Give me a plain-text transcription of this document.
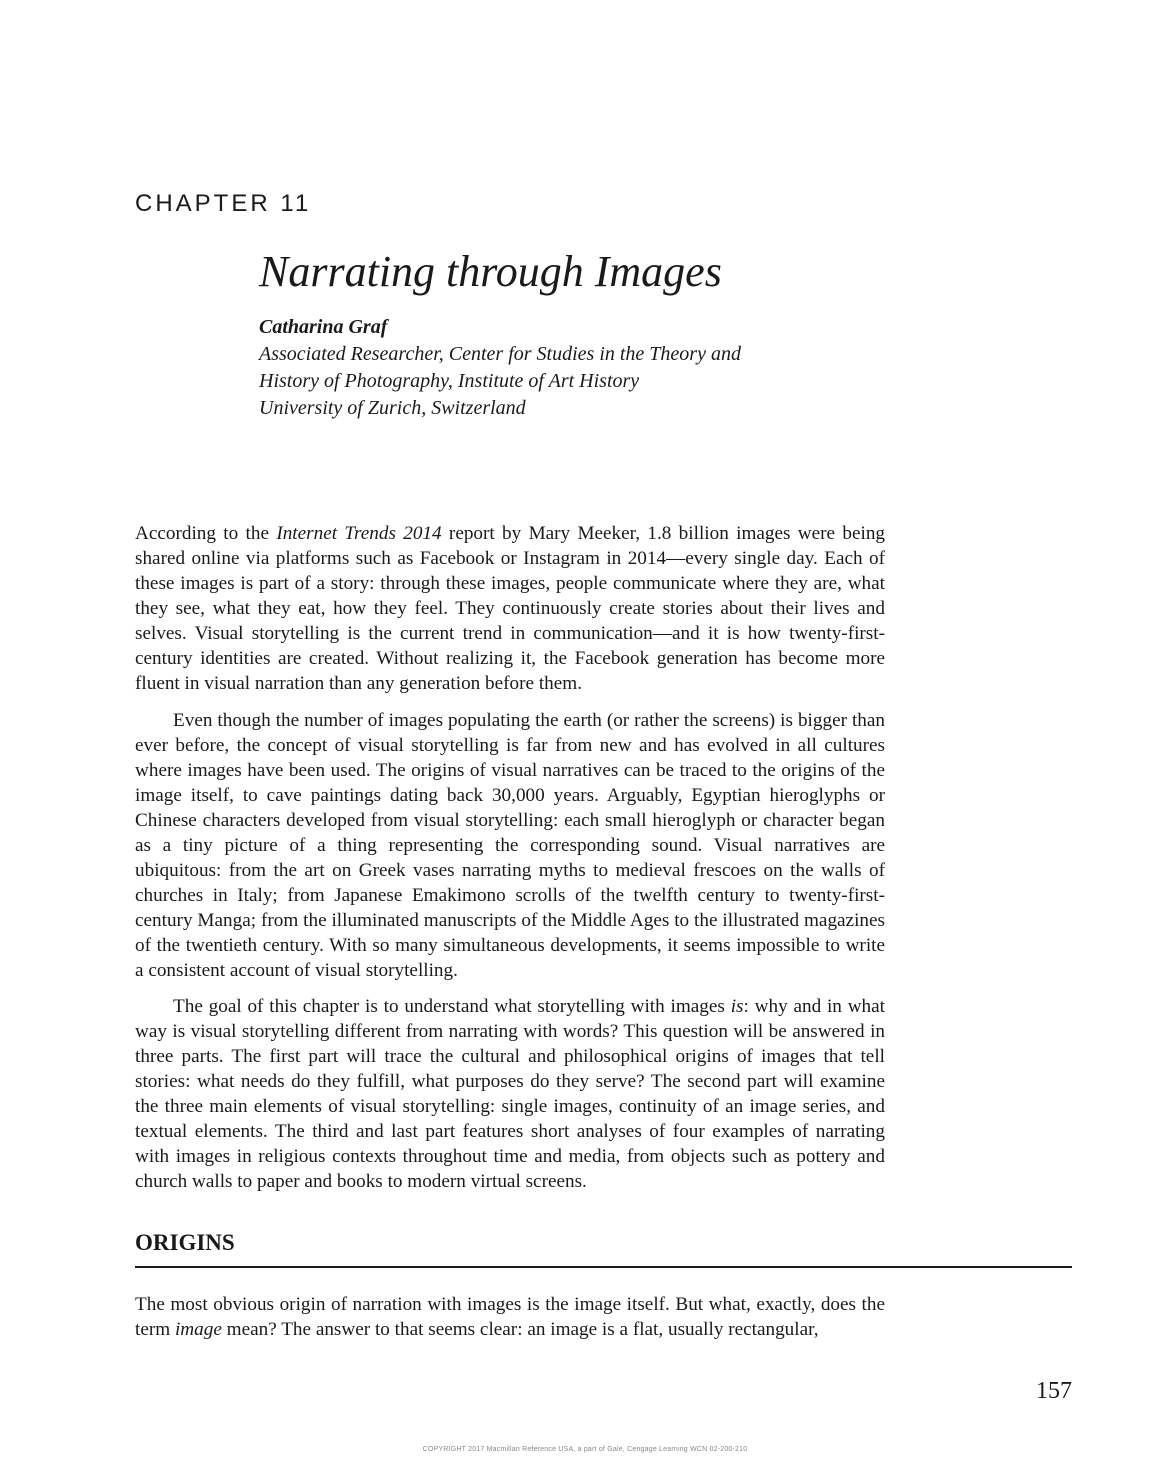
CHAPTER 11
Narrating through Images
Catharina Graf
Associated Researcher, Center for Studies in the Theory and
History of Photography, Institute of Art History
University of Zurich, Switzerland

According to the Internet Trends 2014 report by Mary Meeker, 1.8 billion images were being shared online via platforms such as Facebook or Instagram in 2014—every single day. Each of these images is part of a story: through these images, people communicate where they are, what they see, what they eat, how they feel. They continuously create stories about their lives and selves. Visual storytelling is the current trend in communication—and it is how twenty-first-century identities are created. Without realizing it, the Facebook generation has become more fluent in visual narration than any generation before them.

Even though the number of images populating the earth (or rather the screens) is bigger than ever before, the concept of visual storytelling is far from new and has evolved in all cultures where images have been used. The origins of visual narratives can be traced to the origins of the image itself, to cave paintings dating back 30,000 years. Arguably, Egyptian hieroglyphs or Chinese characters developed from visual storytelling: each small hieroglyph or character began as a tiny picture of a thing representing the corresponding sound. Visual narratives are ubiquitous: from the art on Greek vases narrating myths to medieval frescoes on the walls of churches in Italy; from Japanese Emakimono scrolls of the twelfth century to twenty-first-century Manga; from the illuminated manuscripts of the Middle Ages to the illustrated magazines of the twentieth century. With so many simultaneous developments, it seems impossible to write a consistent account of visual storytelling.

The goal of this chapter is to understand what storytelling with images is: why and in what way is visual storytelling different from narrating with words? This question will be answered in three parts. The first part will trace the cultural and philosophical origins of images that tell stories: what needs do they fulfill, what purposes do they serve? The second part will examine the three main elements of visual storytelling: single images, continuity of an image series, and textual elements. The third and last part features short analyses of four examples of narrating with images in religious contexts throughout time and media, from objects such as pottery and church walls to paper and books to modern virtual screens.

ORIGINS

The most obvious origin of narration with images is the image itself. But what, exactly, does the term image mean? The answer to that seems clear: an image is a flat, usually rectangular,

157
COPYRIGHT 2017 Macmillan Reference USA, a part of Gale, Cengage Learning WCN 02-200-210
